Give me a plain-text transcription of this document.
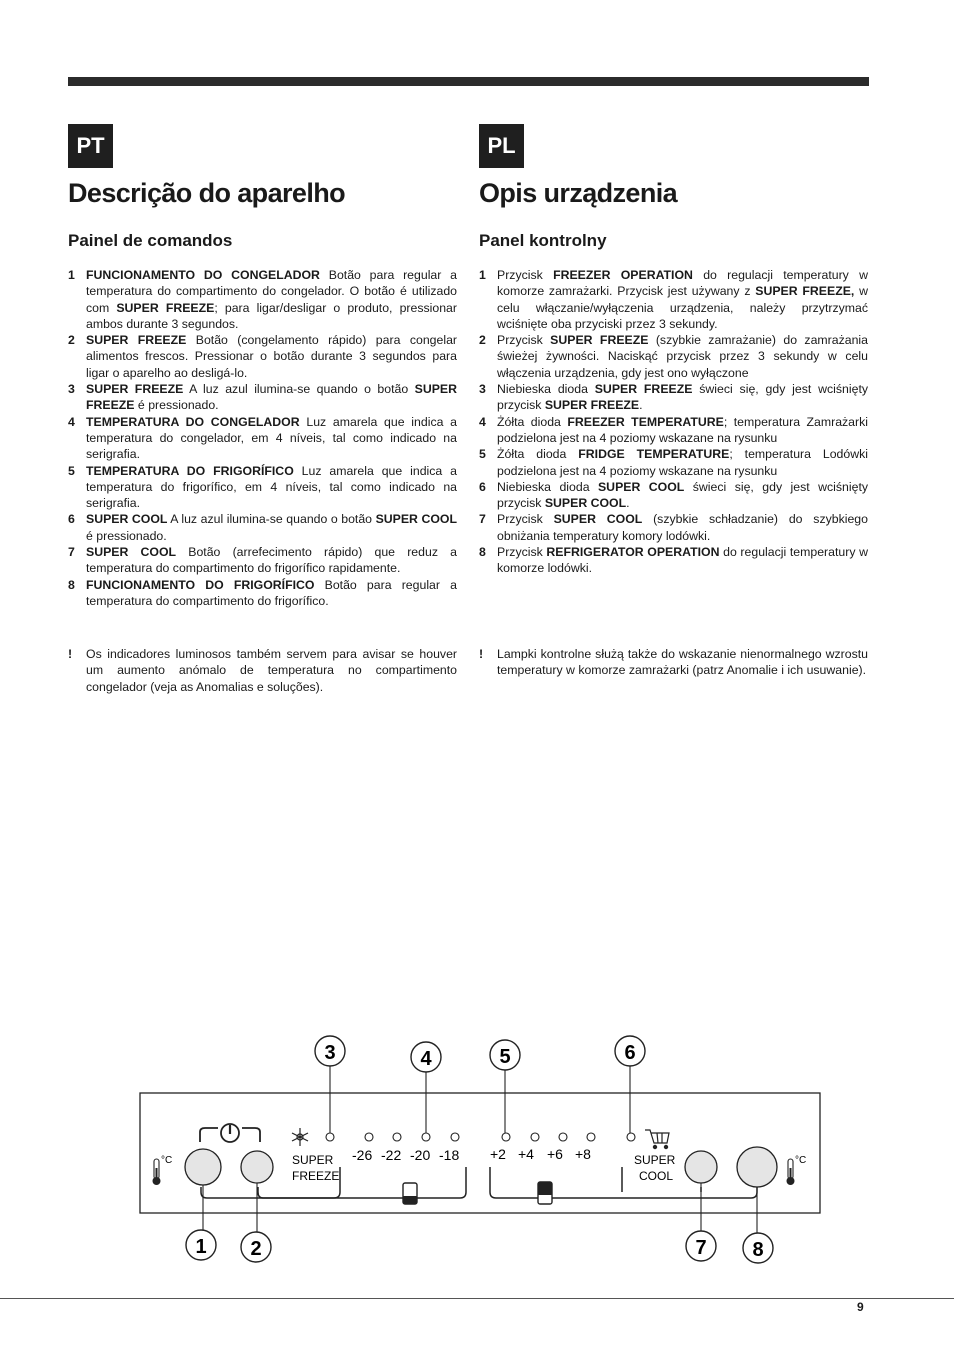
PT	PL
Descrição do aparelho
Painel de comandos
1 FUNCIONAMENTO DO CONGELADOR Botão para regular a temperatura do compartimento do congelador. O botão é utilizado com SUPER FREEZE; para ligar/desligar o produto, pressionar ambos durante 3 segundos.
2 SUPER FREEZE Botão (congelamento rápido) para congelar alimentos frescos. Pressionar o botão durante 3 segundos para ligar o aparelho ao desligá-lo.
3 SUPER FREEZE A luz azul ilumina-se quando o botão SUPER FREEZE é pressionado.
4 TEMPERATURA DO CONGELADOR Luz amarela que indica a temperatura do congelador, em 4 níveis, tal como indicado na serigrafia.
5 TEMPERATURA DO FRIGORÍFICO Luz amarela que indica a temperatura do frigorífico, em 4 níveis, tal como indicado na serigrafia.
6 SUPER COOL A luz azul ilumina-se quando o botão SUPER COOL é pressionado.
7 SUPER COOL Botão (arrefecimento rápido) que reduz a temperatura do compartimento do frigorífico rapidamente.
8 FUNCIONAMENTO DO FRIGORÍFICO Botão para regular a temperatura do compartimento do frigorífico.
Opis urządzenia
Panel kontrolny
1 Przycisk FREEZER OPERATION do regulacji temperatury w komorze zamrażarki. Przycisk jest używany z SUPER FREEZE, w celu włączanie/wyłączenia urządzenia, należy przytrzymać wciśnięte oba przyciski przez 3 sekundy.
2 Przycisk SUPER FREEZE (szybkie zamrażanie) do zamrażania świeżej żywności. Naciskąć przycisk przez 3 sekundy w celu włączenia urządzenia, gdy jest ono wyłączone
3 Niebieska dioda SUPER FREEZE świeci się, gdy jest wciśnięty przycisk SUPER FREEZE.
4 Żółta dioda FREEZER TEMPERATURE; temperatura Zamrażarki podzielona jest na 4 poziomy wskazane na rysunku
5 Żółta dioda FRIDGE TEMPERATURE; temperatura Lodówki podzielona jest na 4 poziomy wskazane na rysunku
6 Niebieska dioda SUPER COOL świeci się, gdy jest wciśnięty przycisk SUPER COOL.
7 Przycisk SUPER COOL (szybkie schładzanie) do szybkiego obniżania temperatury komory lodówki.
8 Przycisk REFRIGERATOR OPERATION do regulacji temperatury w komorze lodówki.
!	Os indicadores luminosos também servem para avisar se houver um aumento anómalo de temperatura no compartimento congelador (veja as Anomalias e soluções).
!	Lampki kontrolne służą także do wskazanie nienormalnego wzrostu temperatury w komorze zamrażarki (patrz Anomalie i ich usuwanie).
3	4	5	6
1 2	7 8
°C	SUPER
FREEZE
-26 -22 -20 -18 +2 +4 +6 +8	SUPER
COOL
°C
9
